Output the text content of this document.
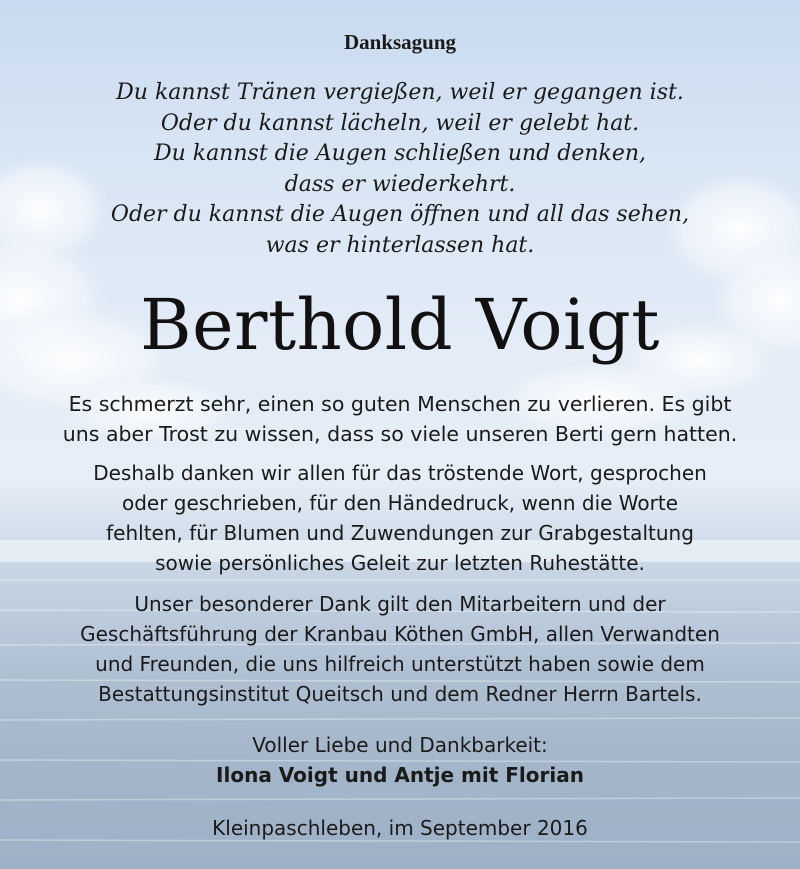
Danksagung
Du kannst Tränen vergießen, weil er gegangen ist.
Oder du kannst lächeln, weil er gelebt hat.
Du kannst die Augen schließen und denken,
dass er wiederkehrt.
Oder du kannst die Augen öffnen und all das sehen,
was er hinterlassen hat.
Berthold Voigt
Es schmerzt sehr, einen so guten Menschen zu verlieren. Es gibt
uns aber Trost zu wissen, dass so viele unseren Berti gern hatten.
Deshalb danken wir allen für das tröstende Wort, gesprochen
oder geschrieben, für den Händedruck, wenn die Worte
fehlten, für Blumen und Zuwendungen zur Grabgestaltung
sowie persönliches Geleit zur letzten Ruhestätte.
Unser besonderer Dank gilt den Mitarbeitern und der
Geschäftsführung der Kranbau Köthen GmbH, allen Verwandten
und Freunden, die uns hilfreich unterstützt haben sowie dem
Bestattungsinstitut Queitsch und dem Redner Herrn Bartels.
Voller Liebe und Dankbarkeit:
Ilona Voigt und Antje mit Florian
Kleinpaschleben, im September 2016
